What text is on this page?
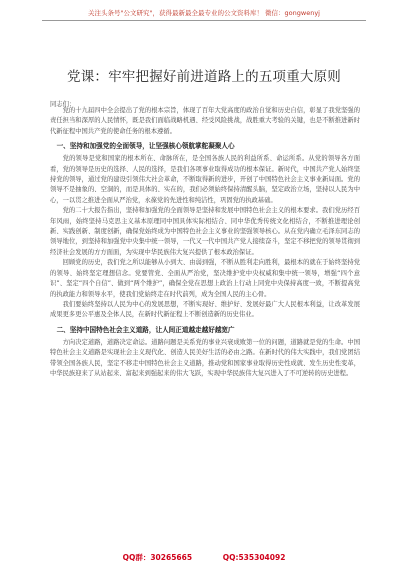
关注头条号"公文研究"，获得最新最全最专业的公文资料库！ 微信：gongwenyj
党课：牢牢把握好前进道路上的五项重大原则
同志们：

党的十九届四中全会提出了党的根本宗旨，体现了百年大党高度的政治自觉和历史自信，彰显了我党坚强的责任担当和深厚的人民情怀，既是我们面临战略机遇、经受风险挑战，战胜重大考验的关键，也是不断推进新时代新征程中国共产党的使命任务的根本遵循。

一、坚持和加强党的全面领导，让坚强核心领航掌舵凝聚人心

党的领导是党和国家的根本所在、命脉所在，是全国各族人民的利益所系、命运所系。从党的领导各方面看，党的领导是历史的选择、人民的选择，是我们各项事业取得成功的根本保证。新时代，中国共产党人始终坚持党的领导，通过党的建设引领伟大社会革命，不断取得新的进步，开创了中国特色社会主义事业新局面。党的领导不是抽象的、空洞的，而是具体的、实在的，我们必须始终保持清醒头脑，坚定政治立场，坚持以人民为中心，一以贯之推进全面从严治党，永葆党的先进性和纯洁性，巩固党的执政基础。

党的二十大报告指出，坚持和加强党的全面领导是坚持和发展中国特色社会主义的根本要求。我们党历经百年风雨，始终坚持马克思主义基本原理同中国具体实际相结合、同中华优秀传统文化相结合，不断推进理论创新、实践创新、制度创新，确保党始终成为中国特色社会主义事业的坚强领导核心。从在党内确立毛泽东同志的领导地位，到坚持和加强党中央集中统一领导，一代又一代中国共产党人接续奋斗，坚定不移把党的领导贯彻到经济社会发展的方方面面，为实现中华民族伟大复兴提供了根本政治保证。

回顾党的历史，我们党之所以能够从小到大、由弱到强，不断从胜利走向胜利，最根本的就在于始终坚持党的领导、始终坚定理想信念。党要管党、全面从严治党，坚决维护党中央权威和集中统一领导，增强“四个意识”、坚定“四个自信”、做到“两个维护”，确保全党在思想上政治上行动上同党中央保持高度一致，不断提高党的执政能力和领导水平，使我们党始终走在时代前列，成为全国人民的主心骨。

我们要始终坚持以人民为中心的发展思想，不断实现好、维护好、发展好最广大人民根本利益，让改革发展成果更多更公平惠及全体人民，在新时代新征程上不断创造新的历史伟业。

二、坚持中国特色社会主义道路，让人间正道越走越好越宽广

方向决定道路，道路决定命运。道路问题是关系党的事业兴衰成败第一位的问题，道路就是党的生命。中国特色社会主义道路是实现社会主义现代化、创造人民美好生活的必由之路。在新时代的伟大实践中，我们党团结带领全国各族人民，坚定不移走中国特色社会主义道路，推动党和国家事业取得历史性成就、发生历史性变革，中华民族迎来了从站起来、富起来到强起来的伟大飞跃，实现中华民族伟大复兴进入了不可逆转的历史进程。

QQ群：30265665	QQ:535304092
